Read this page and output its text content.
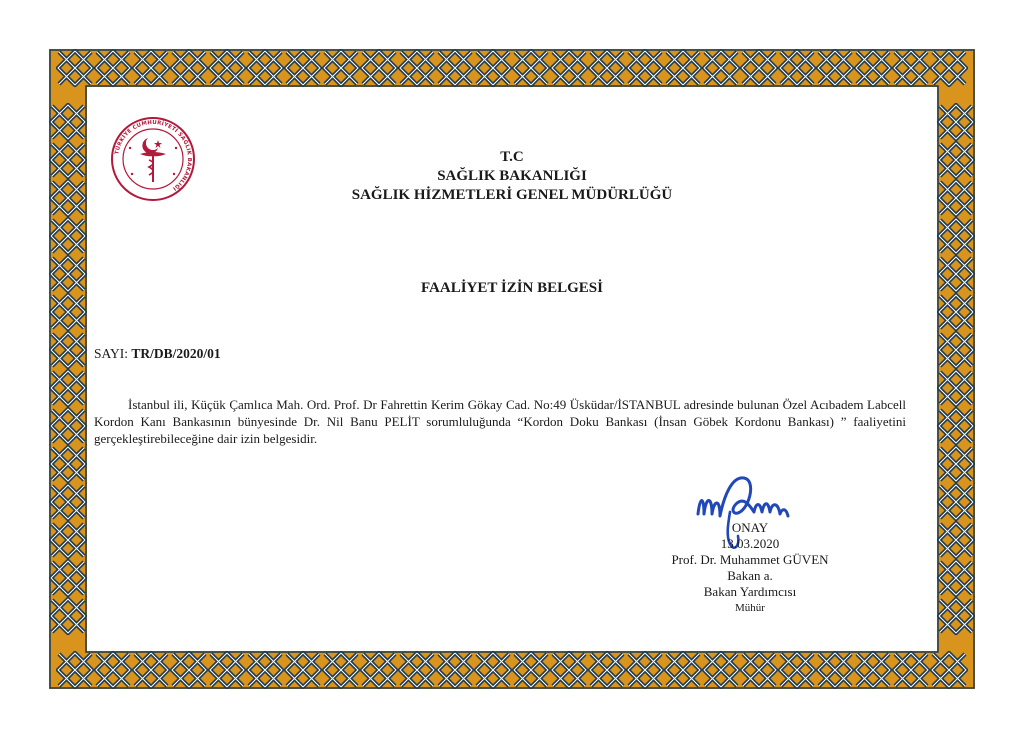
TÜRKİYE CUMHURİYETİ SAĞLIK BAKANLIĞI
T.C
SAĞLIK BAKANLIĞI
SAĞLIK HİZMETLERİ GENEL MÜDÜRLÜĞÜ
FAALİYET İZİN BELGESİ
SAYI: TR/DB/2020/01
İstanbul ili, Küçük Çamlıca Mah. Ord. Prof. Dr Fahrettin Kerim Gökay Cad. No:49 Üsküdar/İSTANBUL adresinde bulunan Özel Acıbadem Labcell Kordon Kanı Bankasının bünyesinde Dr. Nil Banu PELİT sorumluluğunda “Kordon Doku Bankası (İnsan Göbek Kordonu Bankası) ” faaliyetini gerçekleştirebileceğine dair izin belgesidir.
ONAY
13.03.2020
Prof. Dr. Muhammet GÜVEN
Bakan a.
Bakan Yardımcısı
Mühür
